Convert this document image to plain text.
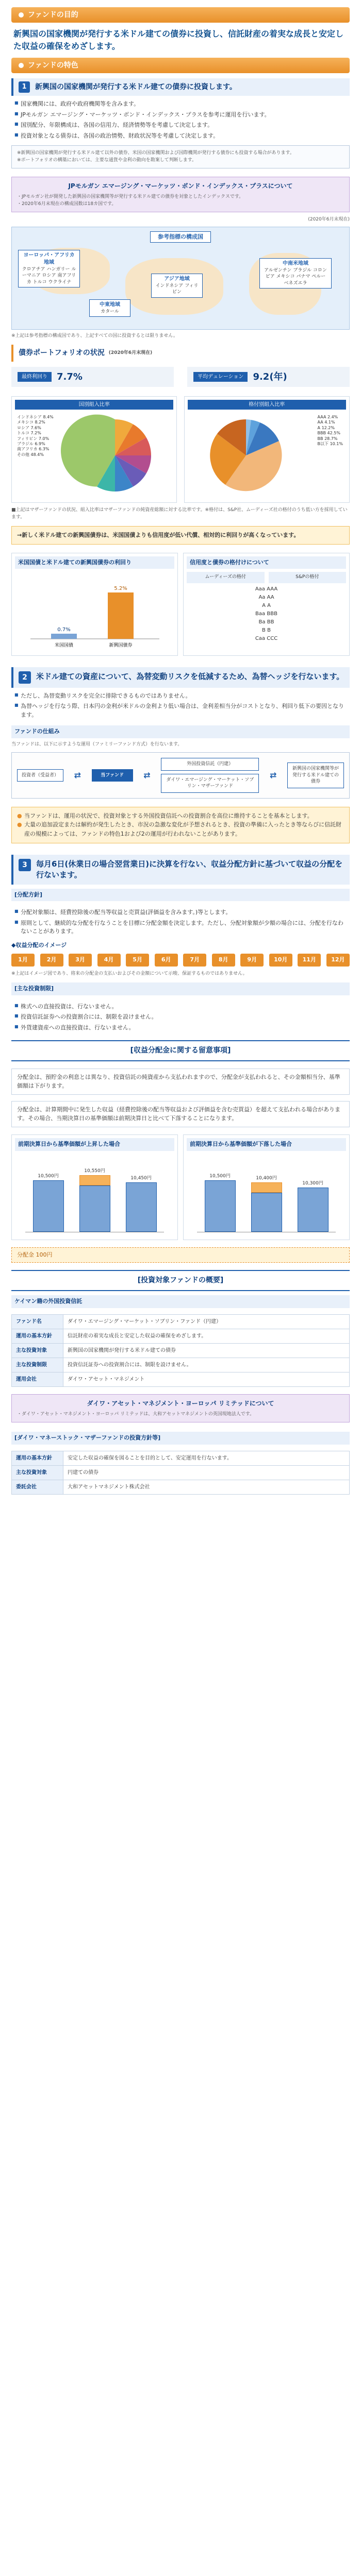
ファンドの目的
新興国の国家機関が発行する米ドル建ての債券に投資し、信託財産の着実な成長と安定した収益の確保をめざします。
ファンドの特色
1	新興国の国家機関が発行する米ドル建ての債券に投資します。
■ 国家機関には、政府や政府機関等を含みます。
■ JPモルガン エマージング・マーケッツ・ボンド・インデックス・プラスを参考に運用を行います。
■ 国別配分、年限構成は、各国の信用力、経済情勢等を考慮して決定します。
■ 投資対象となる債券は、各国の政治情勢、財政状況等を考慮して決定します。

※新興国の国家機関が発行する米ドル建て以外の債券、米国の国家機関および国際機関が発行する債券にも投資する場合があります。

※ポートフォリオの構築においては、主要な通貨や金利の動向を勘案して判断します。

JPモルガン エマージング・マーケッツ・ボンド・インデックス・プラスについて

・JPモルガン社が開発した新興国の国家機関等が発行する米ドル建ての債券を対象としたインデックスです。

・2020年6月末現在の構成国数は18カ国です。

(2020年6月末現在)
参考指標の構成国
ヨーロッパ・アフリカ地域
クロアチア ハンガリー ルーマニア ロシア 南アフリカ トルコ ウクライナ
中東地域
カタール
アジア地域
インドネシア フィリピン
中南米地域
アルゼンチン ブラジル コロンビア メキシコ パナマ ペルー ベネズエラ

※上記は参考指標の構成国であり、上記すべての国に投資するとは限りません。

債券ポートフォリオの状況 (2020年6月末現在)
最終利回り	7.7%	平均デュレーション	9.2(年)
国別組入比率
インドネシア 8.4%
メキシコ 8.2%
ロシア 7.6%
トルコ 7.2%
フィリピン 7.0%
ブラジル 6.9%
南アフリカ 6.3%
その他 48.4%
格付別組入比率
AAA 2.4%
AA 4.1%
A 12.2%
BBB 42.5%
BB 28.7%
B以下 10.1%

■上記はマザーファンドの状況、組入比率はマザーファンドの純資産総額に対する比率です。※格付は、S&P社、ムーディーズ社の格付のうち低い方を採用しています。

→新しく米ドル建ての新興国債券は、米国国債よりも信用度が低い代償、相対的に利回りが高くなっています。
米国国債と米ドル建ての新興国債券の利回り
0.7%
5.2%
米国国債	新興国債券
信用度と債券の格付けについて
ムーディーズの格付	S&Pの格付
Aaa AAA
Aa AA
A A
Baa BBB
Ba BB
B B
Caa CCC
2	米ドル建ての資産について、為替変動リスクを低減するため、為替ヘッジを行ないます。
■ ただし、為替変動リスクを完全に排除できるものではありません。
■ 為替ヘッジを行なう際、日本円の金利が米ドルの金利より低い場合は、金利差相当分がコストとなり、利回り低下の要因となります。
ファンドの仕組み

当ファンドは、以下に示すような運用（ファミリーファンド方式）を行ないます。

投資者（受益者）	⇄	当ファンド	⇄
外国投資信託（円建）
ダイワ・エマージング・マーケット・ソブリン・マザーファンド
⇄
新興国の国家機関等が発行する米ドル建ての債券

● 当ファンドは、運用の状況で、投資対象とする外国投資信託への投資割合を高位に維持することを基本とします。

● 大量の追加設定または解約が発生したとき、市況の急激な変化が予想されるとき、投資の準備に入ったとき等ならびに信託財産の規模によっては、ファンドの特色1および2の運用が行われないことがあります。

3	毎月6日(休業日の場合翌営業日)に決算を行ない、収益分配方針に基づいて収益の分配を行ないます。
[分配方針]
■ 分配対象額は、経費控除後の配当等収益と売買益(評価益を含みます。)等とします。
■ 原則として、継続的な分配を行なうことを目標に分配金額を決定します。ただし、分配対象額が少額の場合には、分配を行なわないことがあります。
◆収益分配のイメージ
1月	2月	3月	4月	5月	6月	7月	8月	9月	10月	11月	12月

※上記はイメージ図であり、将来の分配金の支払いおよびその金額について示唆、保証するものではありません。

[主な投資制限]
■ 株式への直接投資は、行ないません。
■ 投資信託証券への投資割合には、制限を設けません。
■ 外貨建資産への直接投資は、行ないません。
[収益分配金に関する留意事項]

分配金は、預貯金の利息とは異なり、投資信託の純資産から支払われますので、分配金が支払われると、その金額相当分、基準価額は下がります。

分配金は、計算期間中に発生した収益（経費控除後の配当等収益および評価益を含む売買益）を超えて支払われる場合があります。その場合、当期決算日の基準価額は前期決算日と比べて下落することになります。

前期決算日から基準価額が上昇した場合
10,500円
10,550円
10,450円
前期決算日から基準価額が下落した場合
10,500円	10,400円
10,300円
分配金 100円
[投資対象ファンドの概要]
ケイマン籍の外国投資信託
ファンド名	ダイワ・エマージング・マーケット・ソブリン・ファンド（円建）
運用の基本方針	信託財産の着実な成長と安定した収益の確保をめざします。
主な投資対象	新興国の国家機関が発行する米ドル建ての債券
主な投資制限	投資信託証券への投資割合には、制限を設けません。
運用会社	ダイワ・アセット・マネジメント
ダイワ・アセット・マネジメント・ヨーロッパ リミテッドについて

・ダイワ・アセット・マネジメント・ヨーロッパ リミテッドは、大和アセットマネジメントの英国現地法人です。

[ダイワ・マネーストック・マザーファンドの投資方針等]
運用の基本方針	安定した収益の確保を図ることを目的として、安定運用を行ないます。
主な投資対象	円建ての債券
委託会社	大和アセットマネジメント株式会社
